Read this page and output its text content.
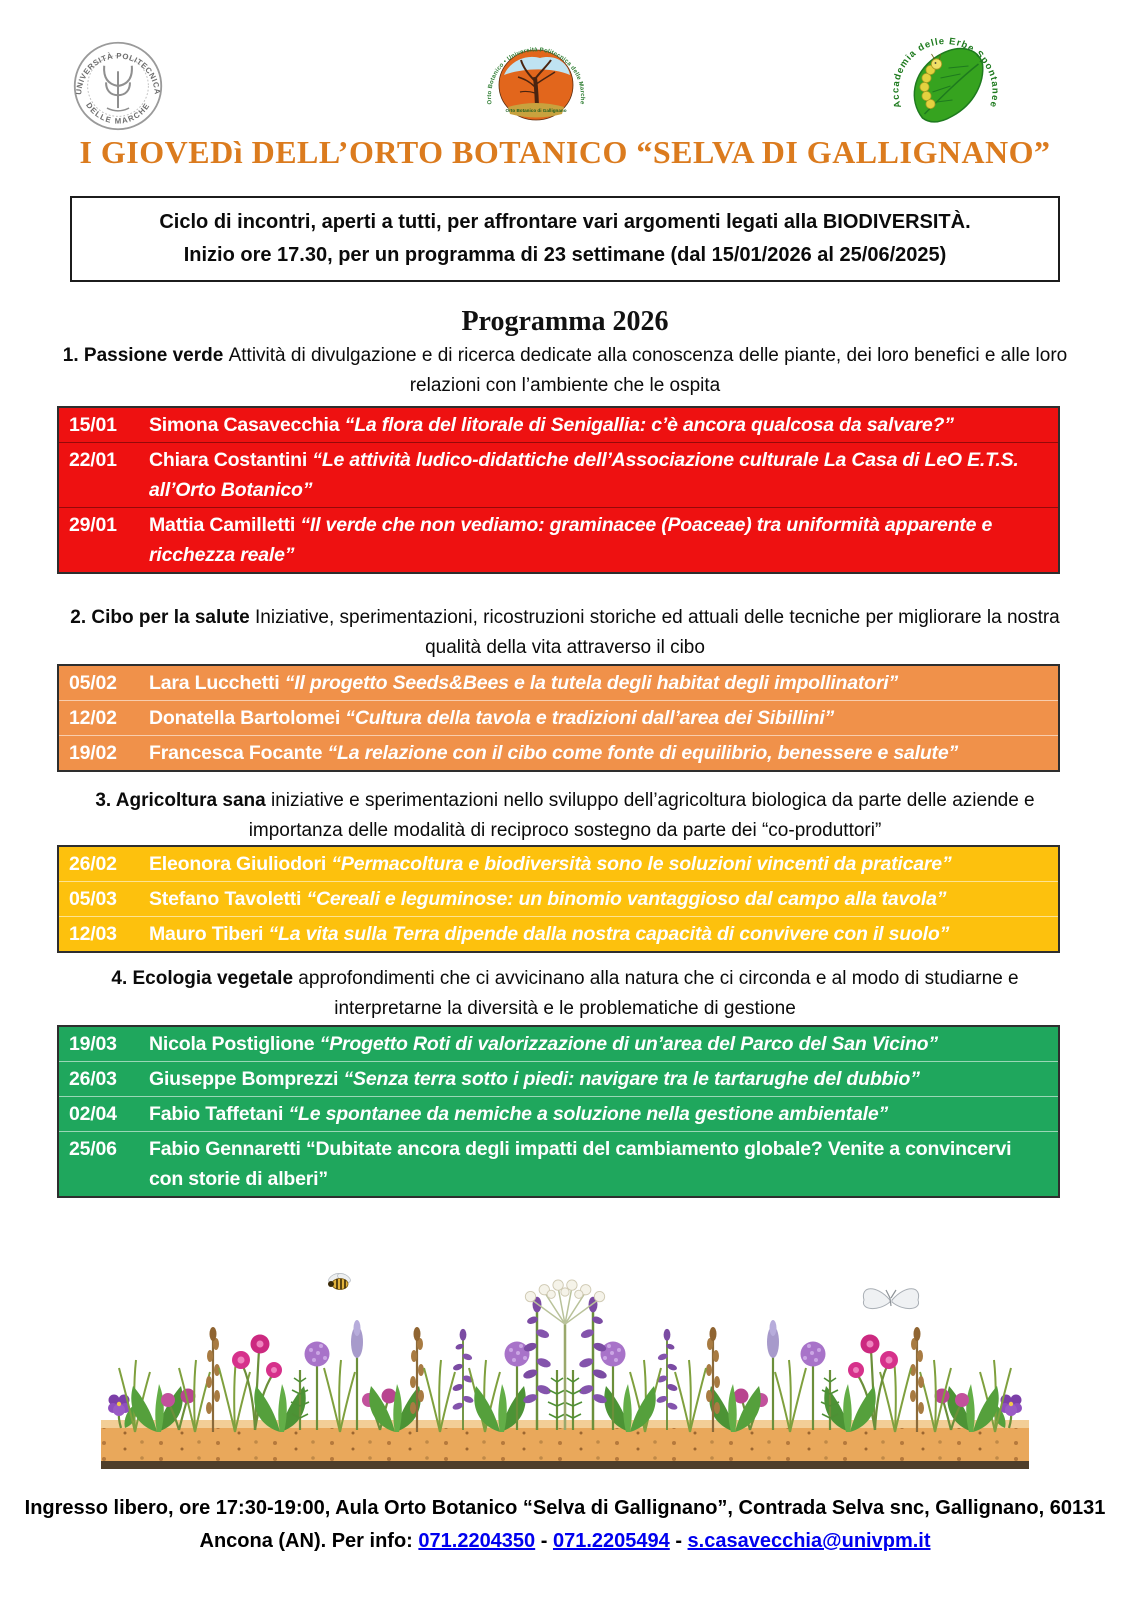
UNIVERSITÀ POLITECNICA
DELLE MARCHE	Orto Botanico di Gallignano
Orto Botanico • Università Politecnica delle Marche	Accademia delle Erbe Spontanee
I GIOVEDì DELL’ORTO BOTANICO “SELVA DI GALLIGNANO”
Ciclo di incontri, aperti a tutti, per affrontare vari argomenti legati alla BIODIVERSITÀ.
Inizio ore 17.30, per un programma di 23 settimane (dal 15/01/2026 al 25/06/2025)
Programma 2026
Ingresso libero, ore 17:30-19:00, Aula Orto Botanico “Selva di Gallignano”, Contrada Selva snc, Gallignano, 60131
Ancona (AN). Per info: 071.2204350 - 071.2205494 - s.casavecchia@univpm.it
1. Passione verde Attività di divulgazione e di ricerca dedicate alla conoscenza delle piante, dei loro benefici e alle loro relazioni con l’ambiente che le ospita
15/01	Simona Casavecchia “La flora del litorale di Senigallia: c’è ancora qualcosa da salvare?”
22/01	Chiara Costantini “Le attività ludico-didattiche dell’Associazione culturale La Casa di LeO E.T.S. all’Orto Botanico”
29/01	Mattia Camilletti “Il verde che non vediamo: graminacee (Poaceae) tra uniformità apparente e ricchezza reale”
2. Cibo per la salute Iniziative, sperimentazioni, ricostruzioni storiche ed attuali delle tecniche per migliorare la nostra qualità della vita attraverso il cibo
05/02	Lara Lucchetti “Il progetto Seeds&Bees e la tutela degli habitat degli impollinatori”
12/02	Donatella Bartolomei “Cultura della tavola e tradizioni dall’area dei Sibillini”
19/02	Francesca Focante “La relazione con il cibo come fonte di equilibrio, benessere e salute”
3. Agricoltura sana iniziative e sperimentazioni nello sviluppo dell’agricoltura biologica da parte delle aziende e importanza delle modalità di reciproco sostegno da parte dei “co-produttori”
26/02	Eleonora Giuliodori “Permacoltura e biodiversità sono le soluzioni vincenti da praticare”
05/03	Stefano Tavoletti “Cereali e leguminose: un binomio vantaggioso dal campo alla tavola”
12/03	Mauro Tiberi “La vita sulla Terra dipende dalla nostra capacità di convivere con il suolo”
4. Ecologia vegetale approfondimenti che ci avvicinano alla natura che ci circonda e al modo di studiarne e interpretarne la diversità e le problematiche di gestione
19/03	Nicola Postiglione “Progetto Roti di valorizzazione di un’area del Parco del San Vicino”
26/03	Giuseppe Bomprezzi “Senza terra sotto i piedi: navigare tra le tartarughe del dubbio”
02/04	Fabio Taffetani “Le spontanee da nemiche a soluzione nella gestione ambientale”
25/06	Fabio Gennaretti “Dubitate ancora degli impatti del cambiamento globale? Venite a convincervi con storie di alberi”
